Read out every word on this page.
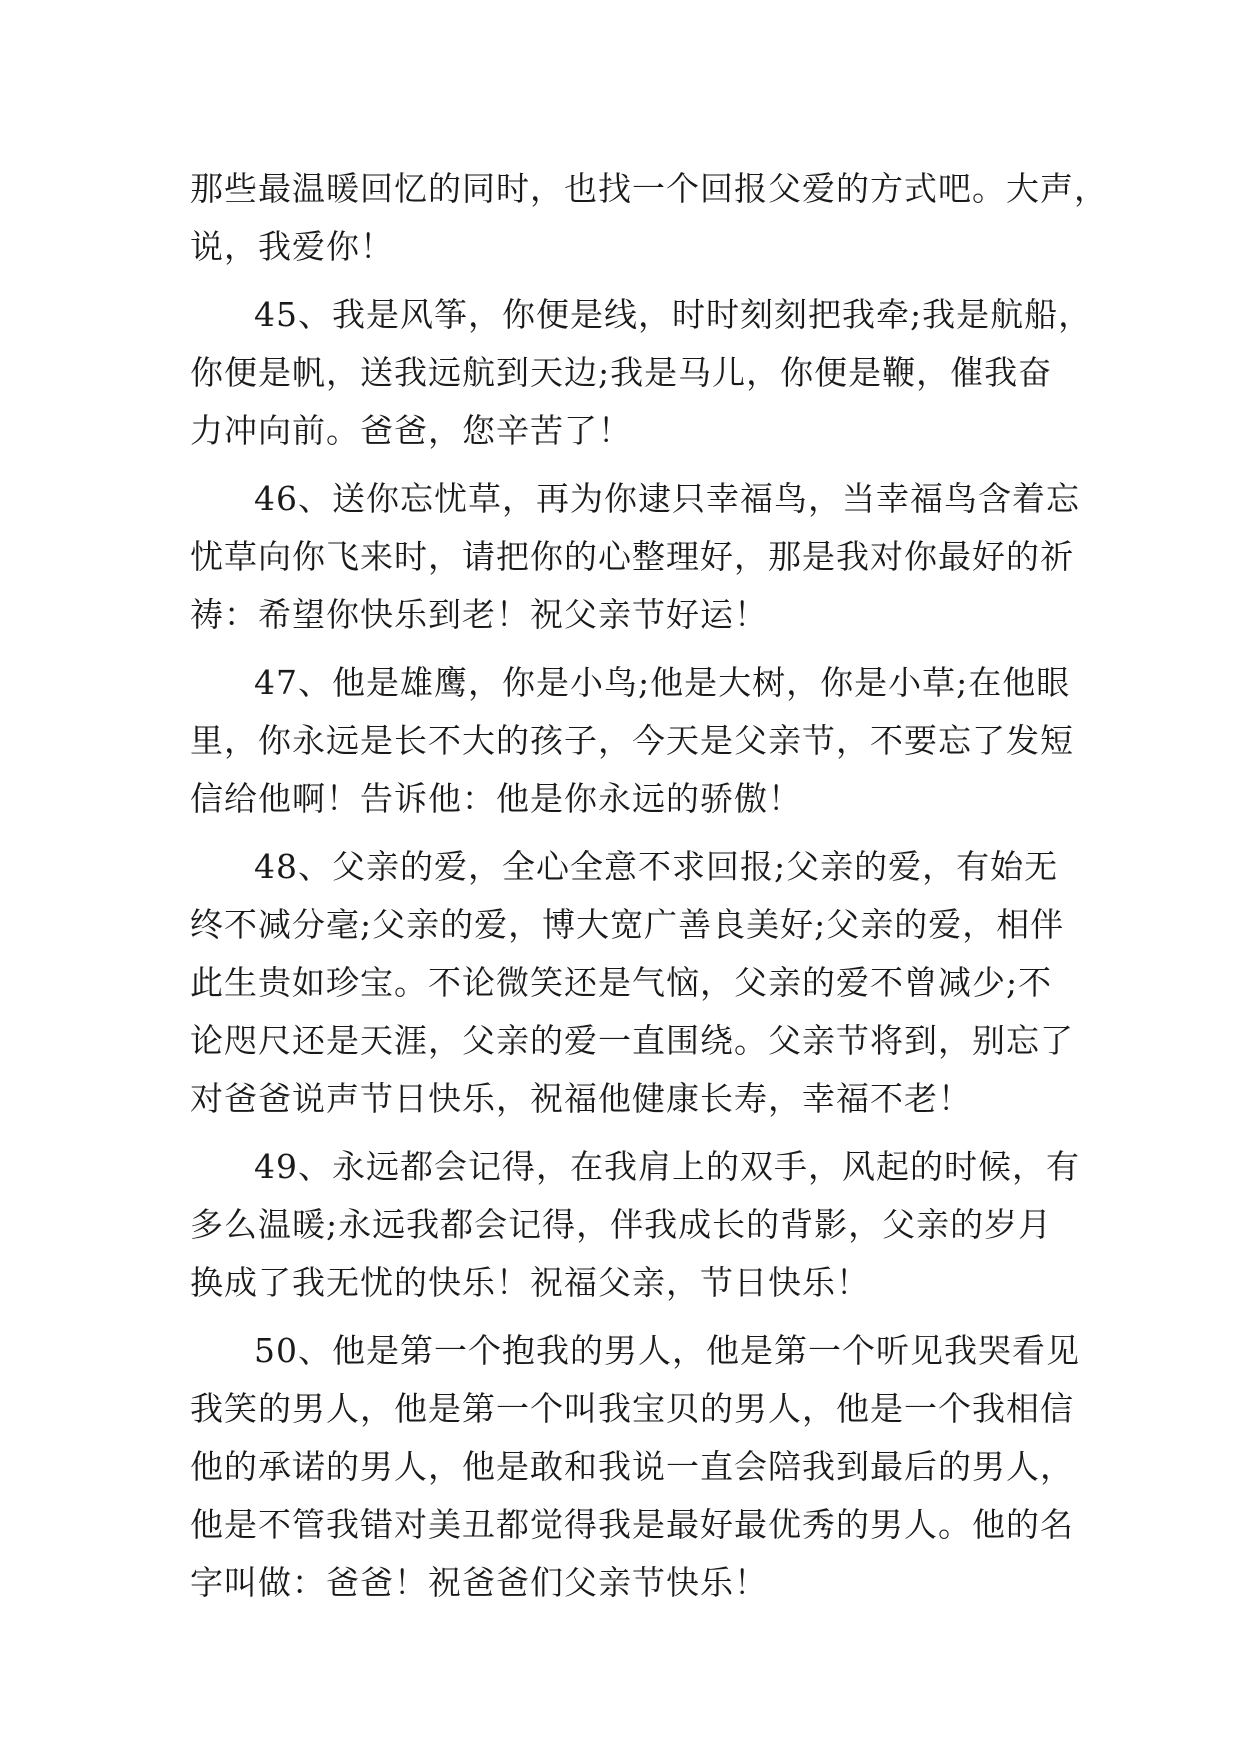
那些最温暖回忆的同时，也找一个回报父爱的方式吧。大声，
说，我爱你！
45、我是风筝，你便是线，时时刻刻把我牵;我是航船，
你便是帆，送我远航到天边;我是马儿，你便是鞭，催我奋
力冲向前。爸爸，您辛苦了！
46、送你忘忧草，再为你逮只幸福鸟，当幸福鸟含着忘
忧草向你飞来时，请把你的心整理好，那是我对你最好的祈
祷：希望你快乐到老！祝父亲节好运！
47、他是雄鹰，你是小鸟;他是大树，你是小草;在他眼
里，你永远是长不大的孩子，今天是父亲节，不要忘了发短
信给他啊！告诉他：他是你永远的骄傲！
48、父亲的爱，全心全意不求回报;父亲的爱，有始无
终不减分毫;父亲的爱，博大宽广善良美好;父亲的爱，相伴
此生贵如珍宝。不论微笑还是气恼，父亲的爱不曾减少;不
论咫尺还是天涯，父亲的爱一直围绕。父亲节将到，别忘了
对爸爸说声节日快乐，祝福他健康长寿，幸福不老！
49、永远都会记得，在我肩上的双手，风起的时候，有
多么温暖;永远我都会记得，伴我成长的背影，父亲的岁月
换成了我无忧的快乐！祝福父亲，节日快乐！
50、他是第一个抱我的男人，他是第一个听见我哭看见
我笑的男人，他是第一个叫我宝贝的男人，他是一个我相信
他的承诺的男人，他是敢和我说一直会陪我到最后的男人，
他是不管我错对美丑都觉得我是最好最优秀的男人。他的名
字叫做：爸爸！祝爸爸们父亲节快乐！
